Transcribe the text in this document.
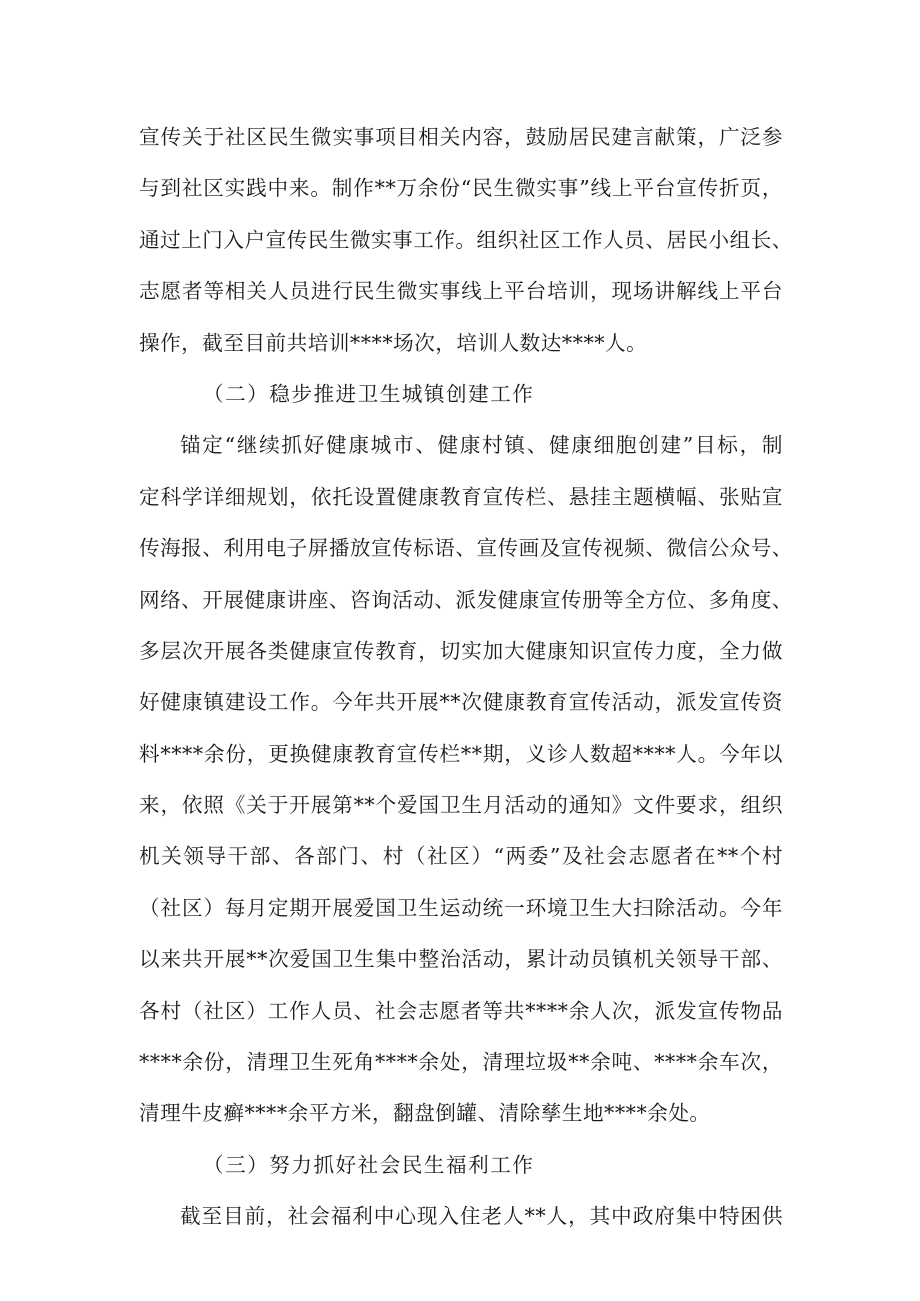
宣传关于社区民生微实事项目相关内容，鼓励居民建言献策，广泛参
与到社区实践中来。制作**万余份“民生微实事”线上平台宣传折页，
通过上门入户宣传民生微实事工作。组织社区工作人员、居民小组长、
志愿者等相关人员进行民生微实事线上平台培训，现场讲解线上平台
操作，截至目前共培训****场次，培训人数达****人。
（二）稳步推进卫生城镇创建工作
锚定“继续抓好健康城市、健康村镇、健康细胞创建”目标，制
定科学详细规划，依托设置健康教育宣传栏、悬挂主题横幅、张贴宣
传海报、利用电子屏播放宣传标语、宣传画及宣传视频、微信公众号、
网络、开展健康讲座、咨询活动、派发健康宣传册等全方位、多角度、
多层次开展各类健康宣传教育，切实加大健康知识宣传力度，全力做
好健康镇建设工作。今年共开展**次健康教育宣传活动，派发宣传资
料****余份，更换健康教育宣传栏**期，义诊人数超****人。今年以
来，依照《关于开展第**个爱国卫生月活动的通知》文件要求，组织
机关领导干部、各部门、村（社区）“两委”及社会志愿者在**个村
（社区）每月定期开展爱国卫生运动统一环境卫生大扫除活动。今年
以来共开展**次爱国卫生集中整治活动，累计动员镇机关领导干部、
各村（社区）工作人员、社会志愿者等共****余人次，派发宣传物品
****余份，清理卫生死角****余处，清理垃圾**余吨、****余车次，
清理牛皮癣****余平方米，翻盘倒罐、清除孳生地****余处。
（三）努力抓好社会民生福利工作
截至目前，社会福利中心现入住老人**人，其中政府集中特困供
